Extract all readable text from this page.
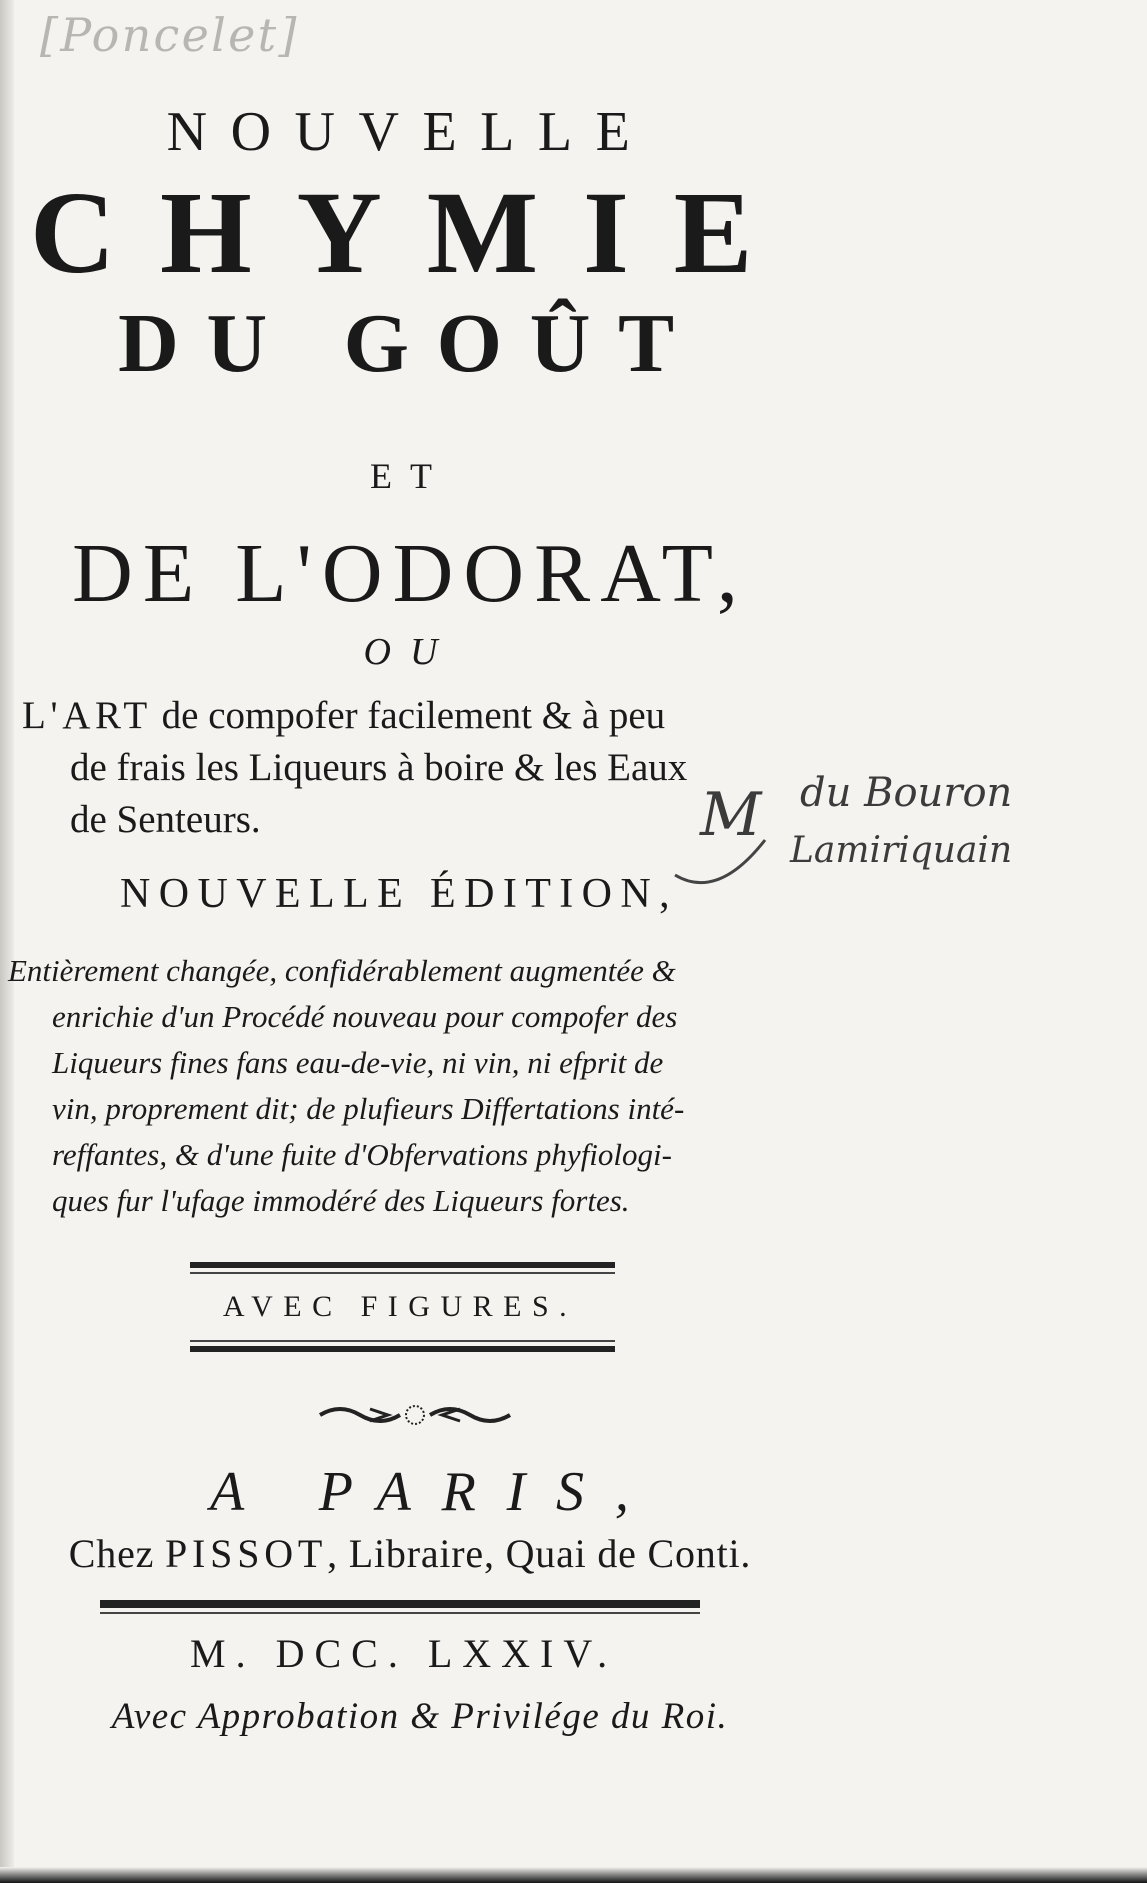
[Poncelet]
NOUVELLE
CHYMIE
DU GOÛT
ET
DE L'ODORAT,
OU
L'ART de compofer facilement & à peu
de frais les Liqueurs à boire & les Eaux
de Senteurs.
NOUVELLE ÉDITION,
M du Bouron
Lamiriquain
Entièrement changée, confidérablement augmentée &
enrichie d'un Procédé nouveau pour compofer des
Liqueurs fines fans eau-de-vie, ni vin, ni efprit de
vin, proprement dit; de plufieurs Differtations inté-
reffantes, & d'une fuite d'Obfervations phyfiologi-
ques fur l'ufage immodéré des Liqueurs fortes.
AVEC FIGURES.
A PARIS,
Chez PISSOT, Libraire, Quai de Conti.
M. DCC. LXXIV.
Avec Approbation & Privilége du Roi.
